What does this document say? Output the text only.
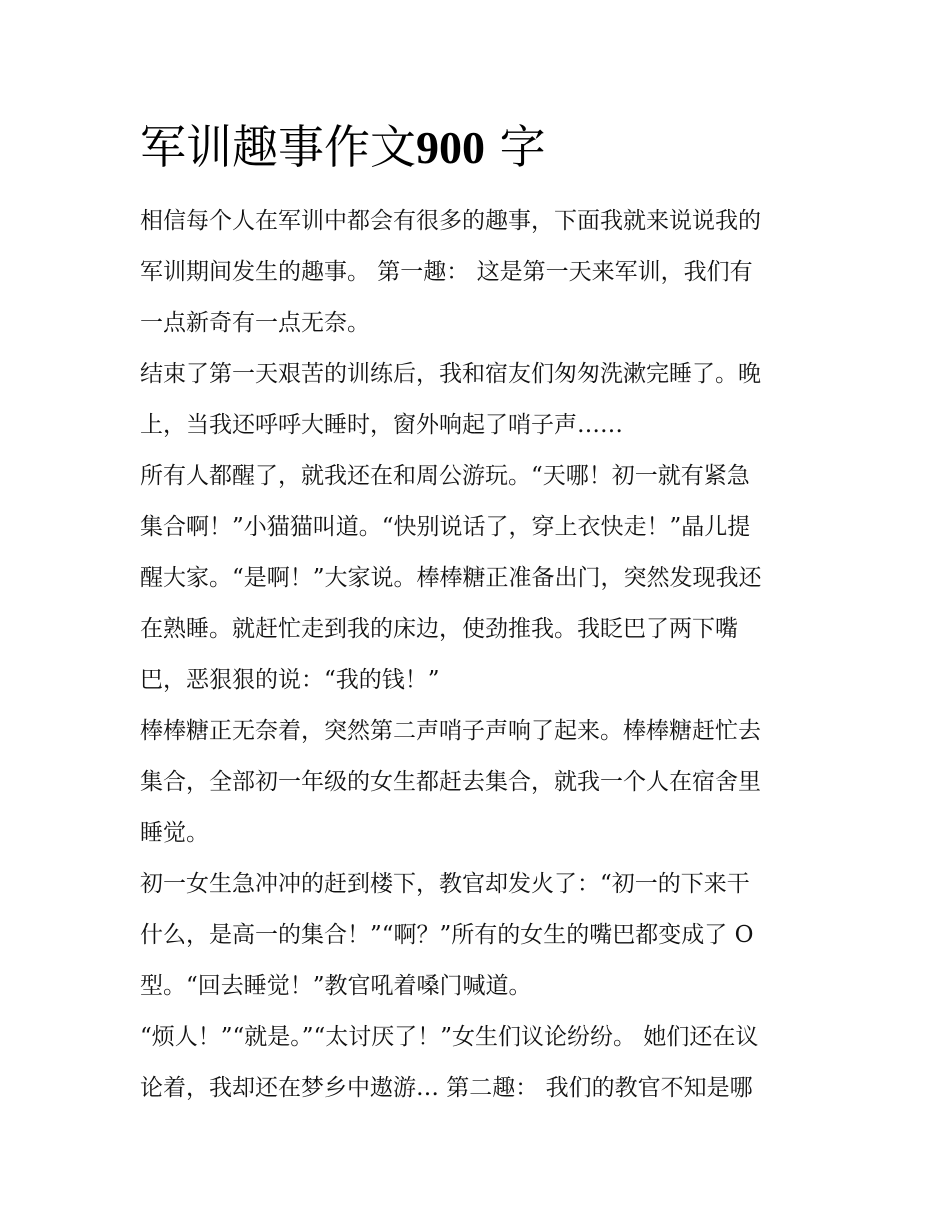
军训趣事作文900 字
相信每个人在军训中都会有很多的趣事，下面我就来说说我的
军训期间发生的趣事。 第一趣： 这是第一天来军训，我们有
一点新奇有一点无奈。
结束了第一天艰苦的训练后，我和宿友们匆匆洗漱完睡了。晚
上，当我还呼呼大睡时，窗外响起了哨子声……
所有人都醒了，就我还在和周公游玩。“天哪！初一就有紧急
集合啊！”小猫猫叫道。“快别说话了，穿上衣快走！”晶儿提
醒大家。“是啊！”大家说。棒棒糖正准备出门，突然发现我还
在熟睡。就赶忙走到我的床边，使劲推我。我眨巴了两下嘴
巴，恶狠狠的说：“我的钱！”
棒棒糖正无奈着，突然第二声哨子声响了起来。棒棒糖赶忙去
集合，全部初一年级的女生都赶去集合，就我一个人在宿舍里
睡觉。
初一女生急冲冲的赶到楼下，教官却发火了：“初一的下来干
什么，是高一的集合！”“啊？”所有的女生的嘴巴都变成了 O
型。“回去睡觉！”教官吼着嗓门喊道。
“烦人！”“就是。”“太讨厌了！”女生们议论纷纷。 她们还在议
论着，我却还在梦乡中遨游… 第二趣： 我们的教官不知是哪
